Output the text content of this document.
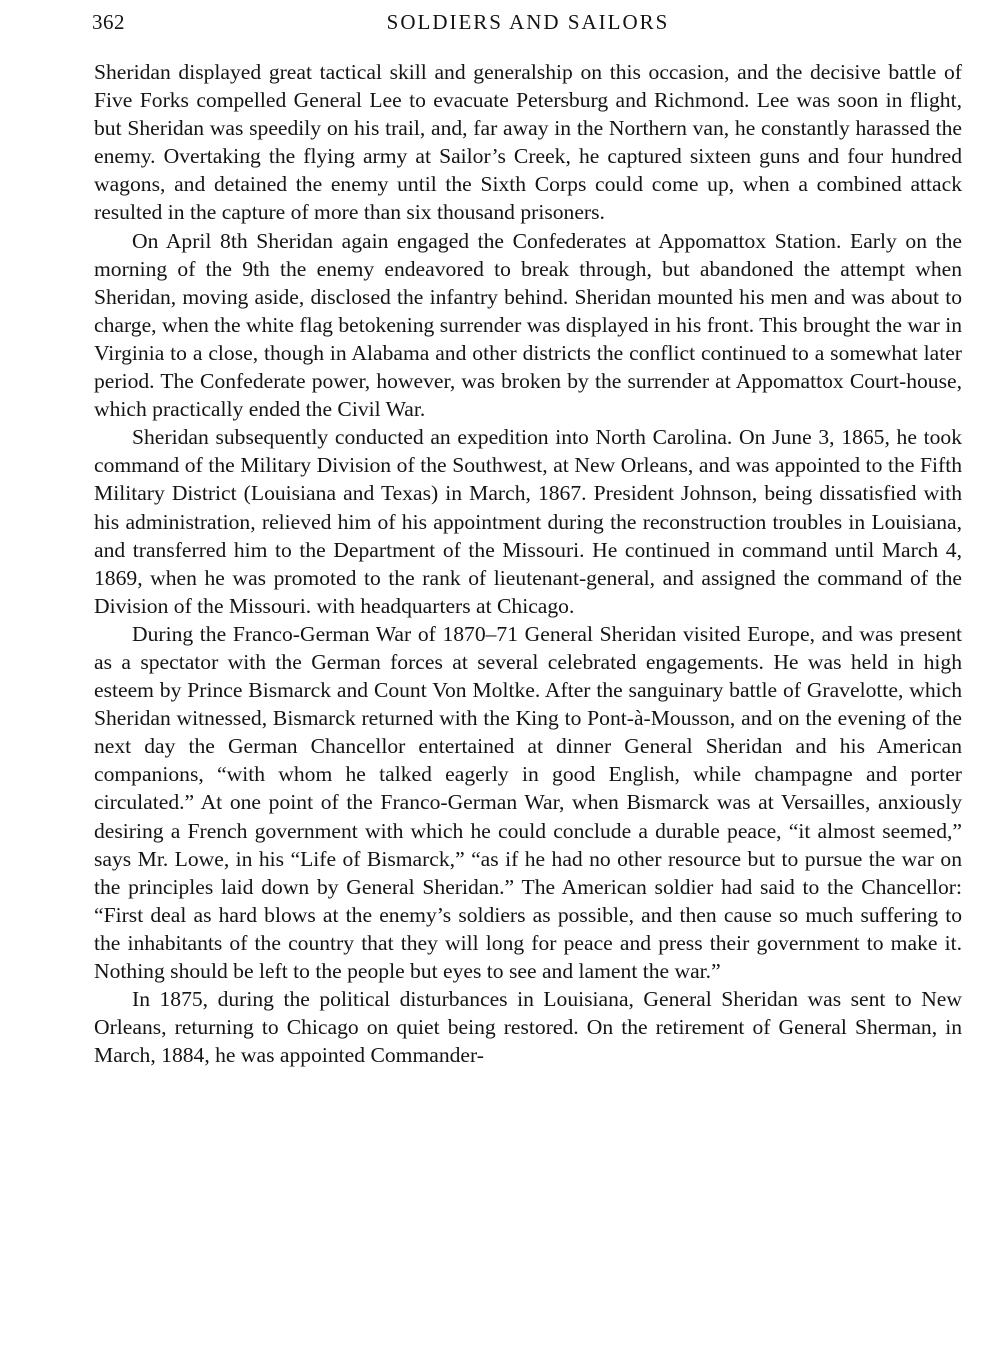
362	SOLDIERS AND SAILORS

Sheridan displayed great tactical skill and generalship on this occasion, and the decisive battle of Five Forks compelled General Lee to evacuate Petersburg and Richmond. Lee was soon in flight, but Sheridan was speedily on his trail, and, far away in the Northern van, he constantly harassed the enemy. Overtaking the flying army at Sailor’s Creek, he captured sixteen guns and four hundred wagons, and detained the enemy until the Sixth Corps could come up, when a combined attack resulted in the capture of more than six thousand prisoners.

On April 8th Sheridan again engaged the Confederates at Appomattox Station. Early on the morning of the 9th the enemy endeavored to break through, but abandoned the attempt when Sheridan, moving aside, disclosed the infantry behind. Sheridan mounted his men and was about to charge, when the white flag betokening surrender was displayed in his front. This brought the war in Virginia to a close, though in Alabama and other districts the conflict continued to a somewhat later period. The Confederate power, however, was broken by the surrender at Appomattox Court-house, which practically ended the Civil War.

Sheridan subsequently conducted an expedition into North Carolina. On June 3, 1865, he took command of the Military Division of the Southwest, at New Orleans, and was appointed to the Fifth Military District (Louisiana and Texas) in March, 1867. President Johnson, being dissatisfied with his administration, relieved him of his appointment during the reconstruction troubles in Louisiana, and transferred him to the Department of the Missouri. He continued in command until March 4, 1869, when he was promoted to the rank of lieutenant-general, and assigned the command of the Division of the Missouri. with headquarters at Chicago.

During the Franco-German War of 1870–71 General Sheridan visited Europe, and was present as a spectator with the German forces at several celebrated engagements. He was held in high esteem by Prince Bismarck and Count Von Moltke. After the sanguinary battle of Gravelotte, which Sheridan witnessed, Bismarck returned with the King to Pont-à-Mousson, and on the evening of the next day the German Chancellor entertained at dinner General Sheridan and his American companions, “with whom he talked eagerly in good English, while champagne and porter circulated.” At one point of the Franco-German War, when Bismarck was at Versailles, anxiously desiring a French government with which he could conclude a durable peace, “it almost seemed,” says Mr. Lowe, in his “Life of Bismarck,” “as if he had no other resource but to pursue the war on the principles laid down by General Sheridan.” The American soldier had said to the Chancellor: “First deal as hard blows at the enemy’s soldiers as possible, and then cause so much suffering to the inhabitants of the country that they will long for peace and press their government to make it. Nothing should be left to the people but eyes to see and lament the war.”

In 1875, during the political disturbances in Louisiana, General Sheridan was sent to New Orleans, returning to Chicago on quiet being restored. On the retirement of General Sherman, in March, 1884, he was appointed Commander-
